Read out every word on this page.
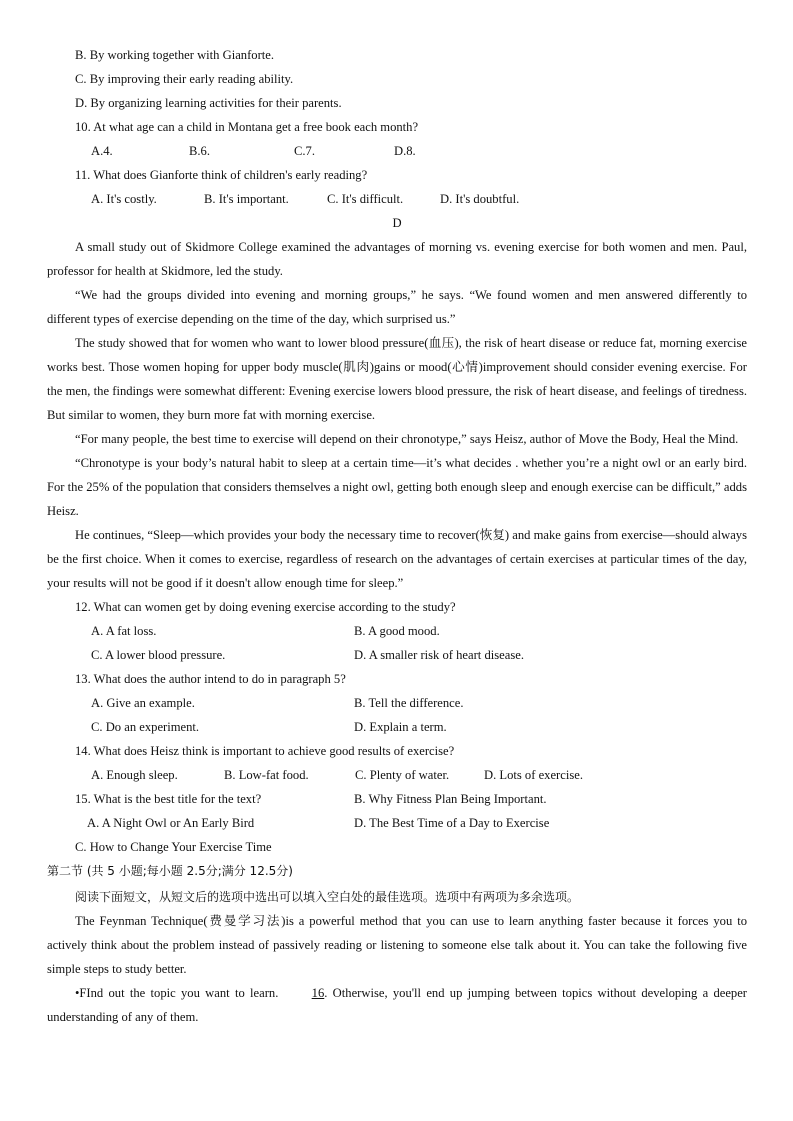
B. By working together with Gianforte.
C. By improving their early reading ability.
D. By organizing learning activities for their parents.
10. At what age can a child in Montana get a free book each month?
A.4.	B.6.	C.7.	D.8.
11. What does Gianforte think of children's early reading?
A. It's costly.	B. It's important.	C. It's difficult.	D. It's doubtful.
D

A small study out of Skidmore College examined the advantages of morning vs. evening exercise for both women and men. Paul, professor for health at Skidmore, led the study.

“We had the groups divided into evening and morning groups,” he says. “We found women and men answered differently to different types of exercise depending on the time of the day, which surprised us.”

The study showed that for women who want to lower blood pressure(血压), the risk of heart disease or reduce fat, morning exercise works best. Those women hoping for upper body muscle(肌肉)gains or mood(心情)improvement should consider evening exercise. For the men, the findings were somewhat different: Evening exercise lowers blood pressure, the risk of heart disease, and feelings of tiredness. But similar to women, they burn more fat with morning exercise.

“For many people, the best time to exercise will depend on their chronotype,” says Heisz, author of Move the Body, Heal the Mind.

“Chronotype is your body’s natural habit to sleep at a certain time—it’s what decides . whether you’re a night owl or an early bird. For the 25% of the population that considers themselves a night owl, getting both enough sleep and enough exercise can be difficult,” adds Heisz.

He continues, “Sleep—which provides your body the necessary time to recover(恢复) and make gains from exercise—should always be the first choice. When it comes to exercise, regardless of research on the advantages of certain exercises at particular times of the day, your results will not be good if it doesn't allow enough time for sleep.”

12. What can women get by doing evening exercise according to the study?
A. A fat loss.	B. A good mood.
C. A lower blood pressure.	D. A smaller risk of heart disease.
13. What does the author intend to do in paragraph 5?
A. Give an example.	B. Tell the difference.
C. Do an experiment.	D. Explain a term.
14. What does Heisz think is important to achieve good results of exercise?
A. Enough sleep.	B. Low-fat food.	C. Plenty of water.	D. Lots of exercise.
15. What is the best title for the text?	B. Why Fitness Plan Being Important.
A. A Night Owl or An Early Bird	D. The Best Time of a Day to Exercise
C. How to Change Your Exercise Time
第二节 (共 5 小题;每小题 2.5分;满分 12.5分)
阅读下面短文，从短文后的选项中选出可以填入空白处的最佳选项。选项中有两项为多余选项。

The Feynman Technique(费曼学习法)is a powerful method that you can use to learn anything faster because it forces you to actively think about the problem instead of passively reading or listening to someone else talk about it. You can take the following five simple steps to study better.

•FInd out the topic you want to learn.	16. Otherwise, you'll end up jumping between topics without developing a deeper understanding of any of them.
